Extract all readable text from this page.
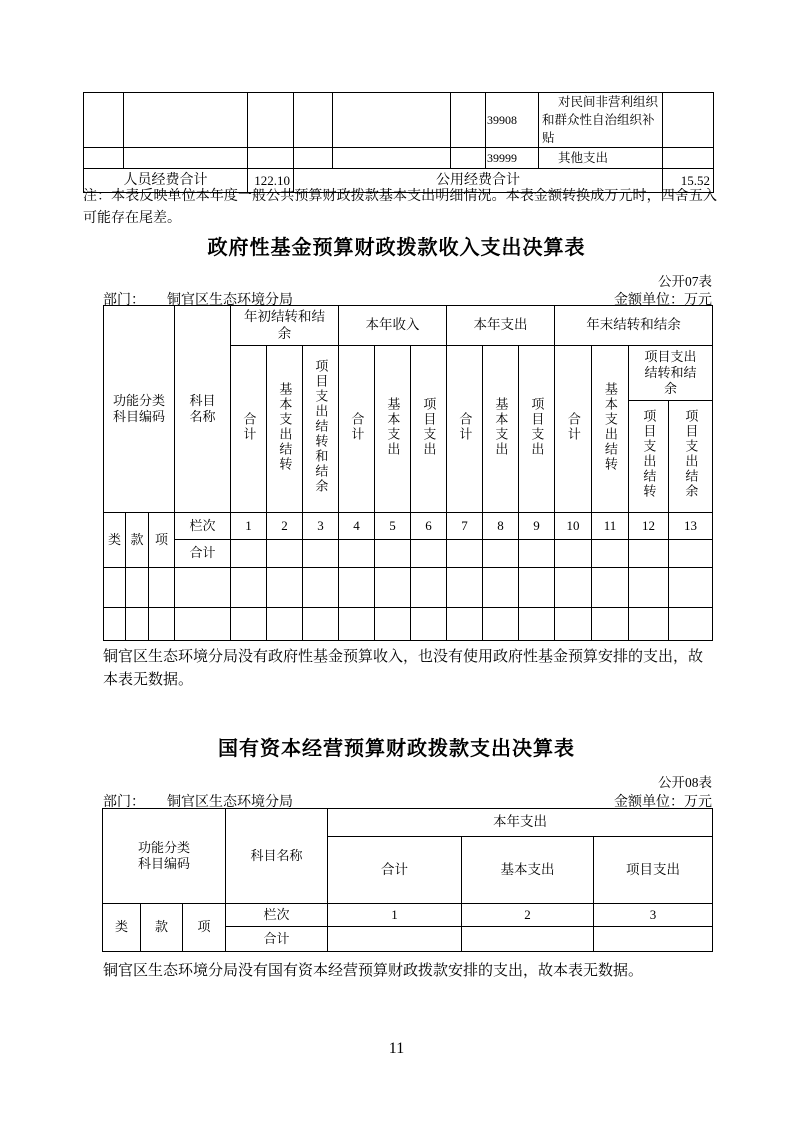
						39908	对民间非营利组织和群众性自治组织补贴	
						39999	其他支出	
人员经费合计		122.10	公用经费合计					15.52
注：本表反映单位本年度一般公共预算财政拨款基本支出明细情况。本表金额转换成万元时，四舍五入可能存在尾差。
政府性基金预算财政拨款收入支出决算表
公开07表
部门： 铜官区生态环境分局	金额单位：万元
功能分类科目编码			科目名称	年初结转和结余			本年收入			本年支出			年末结转和结余			
				合计	基本支出结转	项目支出结转和结余	合计	基本支出	项目支出	合计	基本支出	项目支出	合计	基本支出结转	项目支出结转和结余	
															项目支出结转	项目支出结余
类	款	项	栏次	1	2	3	4	5	6	7	8	9	10	11	12	13
			合计													

铜官区生态环境分局没有政府性基金预算收入，也没有使用政府性基金预算安排的支出，故本表无数据。
国有资本经营预算财政拨款支出决算表
公开08表
部门： 铜官区生态环境分局	金额单位：万元
功能分类科目编码			科目名称	本年支出		
				合计	基本支出	项目支出
类	款	项	栏次	1	2	3
			合计			
铜官区生态环境分局没有国有资本经营预算财政拨款安排的支出，故本表无数据。
11
